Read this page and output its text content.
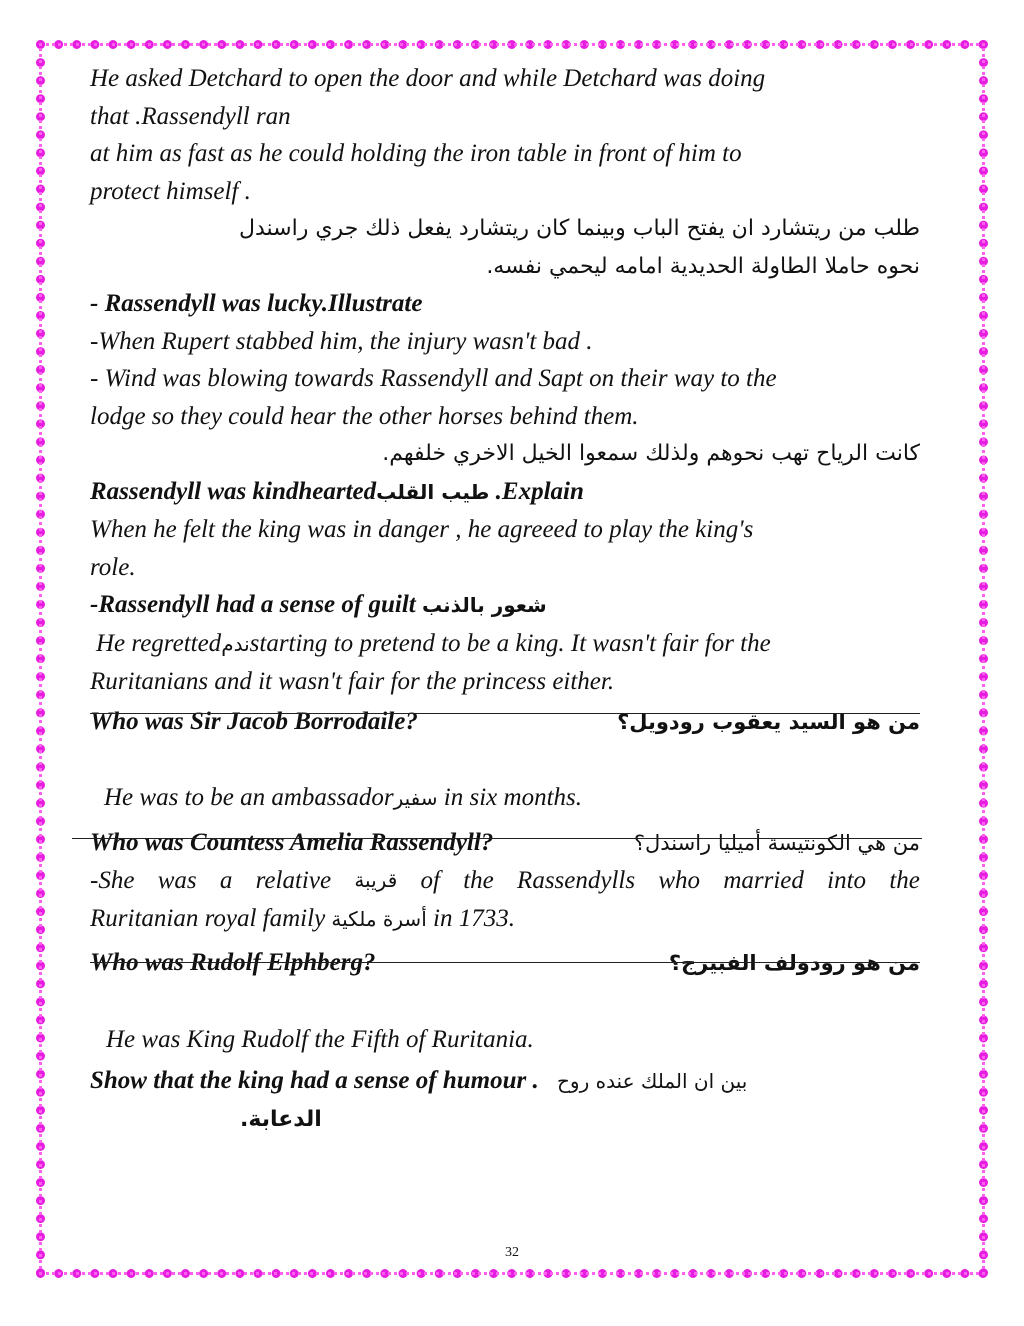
He asked Detchard to open the door and while Detchard was doing
that .Rassendyll ran
at him as fast as he could holding the iron table in front of him to
protect himself .
طلب من ريتشارد ان يفتح الباب وبينما كان ريتشارد يفعل ذلك جري راسندل
نحوه حاملا الطاولة الحديدية امامه ليحمي نفسه.
- Rassendyll was lucky.Illustrate
-When Rupert stabbed him, the injury wasn't bad .
- Wind was blowing towards Rassendyll and Sapt on their way to the
lodge so they could hear the other horses behind them.
كانت الرياح تهب نحوهم ولذلك سمعوا الخيل الاخري خلفهم.
Rassendyll was kindheartedطيب القلب .Explain
When he felt the king was in danger , he agreeed to play the king's
role.
-Rassendyll had a sense of guilt شعور بالذنب
He regrettedندمstarting to pretend to be a king. It wasn't fair for the
Ruritanians and it wasn't fair for the princess either.
Who was Sir Jacob Borrodaile?	من هو السيد يعقوب رودويل؟
He was to be an ambassadorسفير in six months.
Who was Countess Amelia Rassendyll?	من هي الكونتيسة أميليا راسندل؟
-She was a relative قريبة of the Rassendylls who married into the
Ruritanian royal family أسرة ملكية in 1733.
Who was Rudolf Elphberg?	من هو رودولف الفبيرج؟
He was King Rudolf the Fifth of Ruritania.
Show that the king had a sense of humour . بين ان الملك عنده روح
الدعابة.
32
